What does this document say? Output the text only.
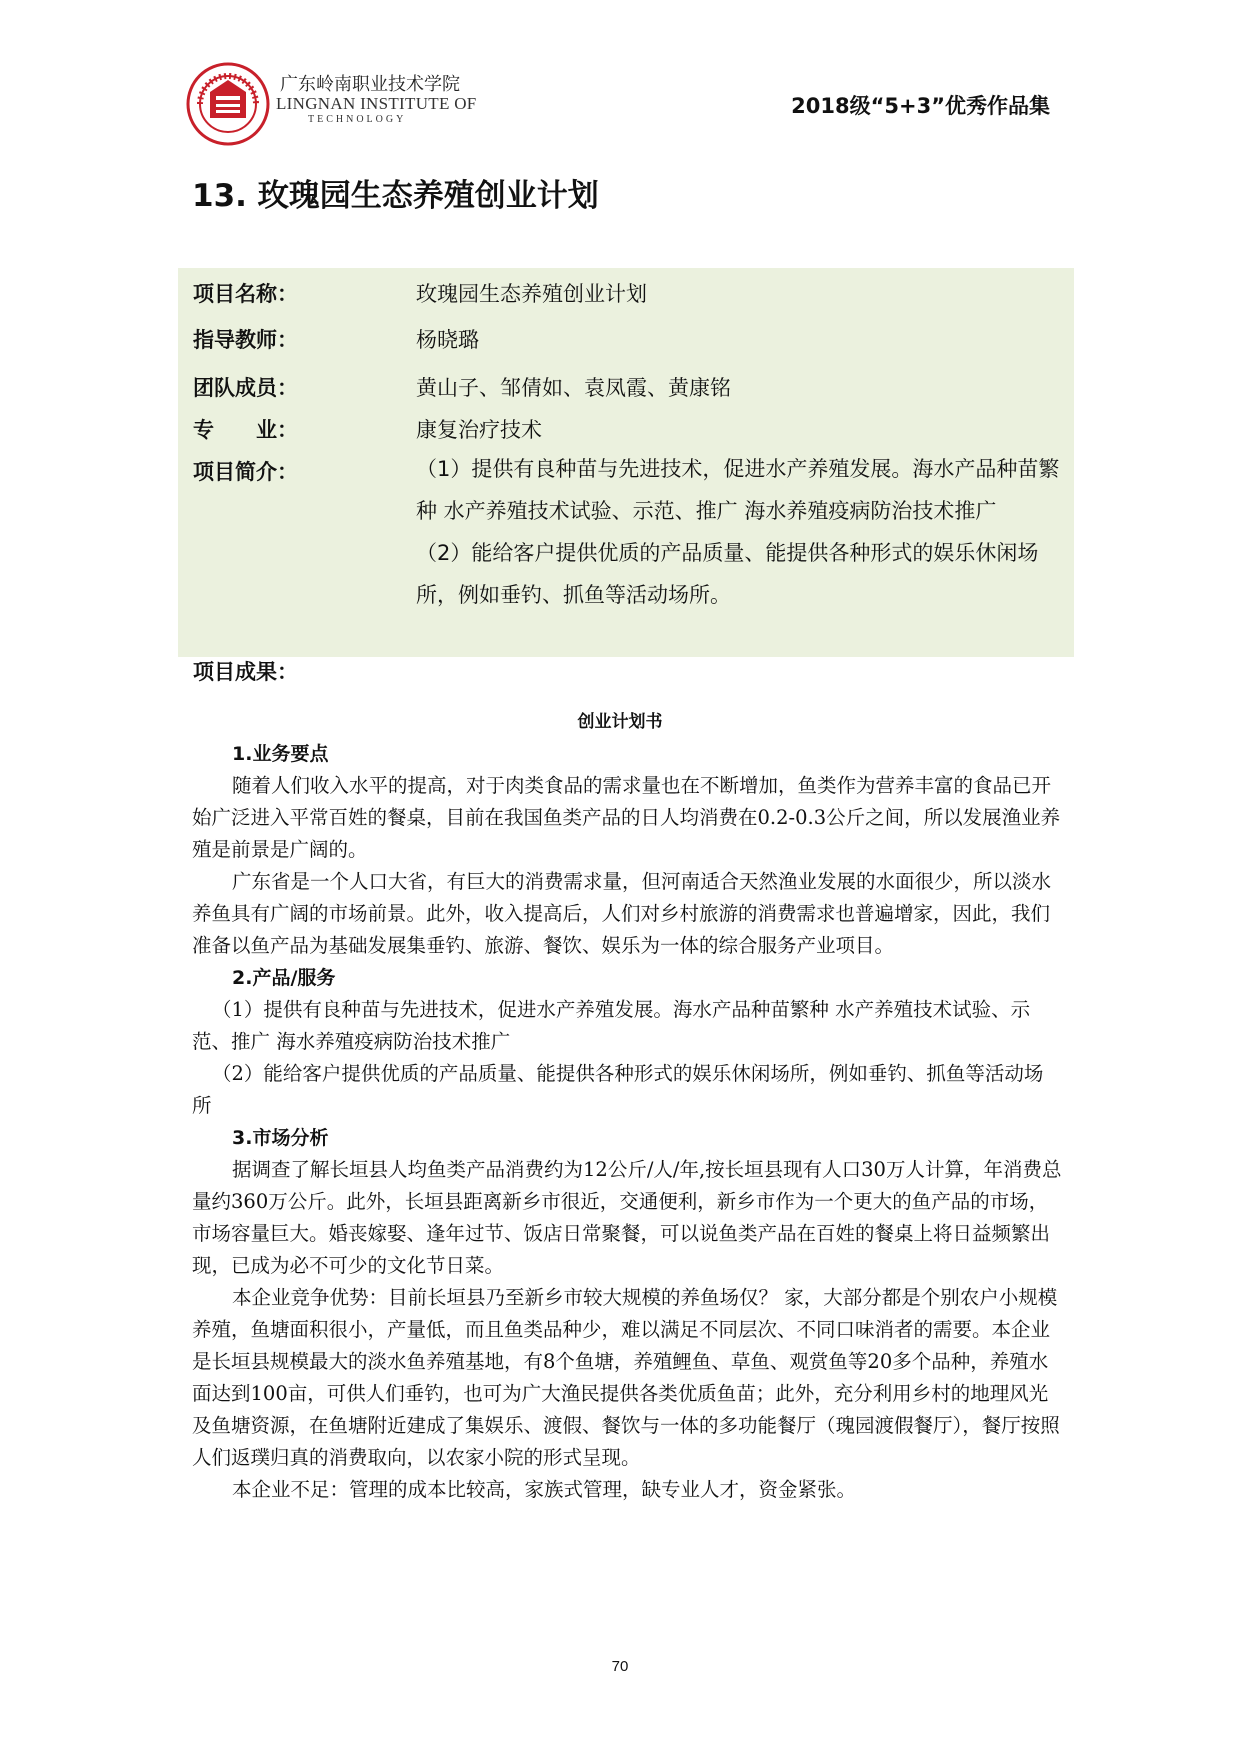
广东岭南职业技术学院
LINGNAN INSTITUTE OF
TECHNOLOGY
2018级“5+3”优秀作品集
13. 玫瑰园生态养殖创业计划
项目名称：	玫瑰园生态养殖创业计划
指导教师：	杨晓璐
团队成员：	黄山子、邹倩如、袁凤霞、黄康铭
专　　业：	康复治疗技术
项目简介：	（1）提供有良种苗与先进技术，促进水产养殖发展。海水产品种苗繁种 水产养殖技术试验、示范、推广 海水养殖疫病防治技术推广

（2）能给客户提供优质的产品质量、能提供各种形式的娱乐休闲场所，例如垂钓、抓鱼等活动场所。

项目成果：
创业计划书

1.业务要点

随着人们收入水平的提高，对于肉类食品的需求量也在不断增加，鱼类作为营养丰富的食品已开始广泛进入平常百姓的餐桌，目前在我国鱼类产品的日人均消费在0.2-0.3公斤之间，所以发展渔业养殖是前景是广阔的。

广东省是一个人口大省，有巨大的消费需求量，但河南适合天然渔业发展的水面很少，所以淡水养鱼具有广阔的市场前景。此外，收入提高后，人们对乡村旅游的消费需求也普遍增家，因此，我们准备以鱼产品为基础发展集垂钓、旅游、餐饮、娱乐为一体的综合服务产业项目。

2.产品/服务

（1）提供有良种苗与先进技术，促进水产养殖发展。海水产品种苗繁种 水产养殖技术试验、示范、推广 海水养殖疫病防治技术推广

（2）能给客户提供优质的产品质量、能提供各种形式的娱乐休闲场所，例如垂钓、抓鱼等活动场所

3.市场分析

据调查了解长垣县人均鱼类产品消费约为12公斤/人/年,按长垣县现有人口30万人计算，年消费总量约360万公斤。此外，长垣县距离新乡市很近，交通便利，新乡市作为一个更大的鱼产品的市场，市场容量巨大。婚丧嫁娶、逢年过节、饭店日常聚餐，可以说鱼类产品在百姓的餐桌上将日益频繁出现，已成为必不可少的文化节日菜。

本企业竞争优势：目前长垣县乃至新乡市较大规模的养鱼场仅？ 家，大部分都是个别农户小规模养殖，鱼塘面积很小，产量低，而且鱼类品种少，难以满足不同层次、不同口味消者的需要。本企业是长垣县规模最大的淡水鱼养殖基地，有8个鱼塘，养殖鲤鱼、草鱼、观赏鱼等20多个品种，养殖水面达到100亩，可供人们垂钓，也可为广大渔民提供各类优质鱼苗；此外，充分利用乡村的地理风光及鱼塘资源，在鱼塘附近建成了集娱乐、渡假、餐饮与一体的多功能餐厅（瑰园渡假餐厅），餐厅按照人们返璞归真的消费取向，以农家小院的形式呈现。

本企业不足：管理的成本比较高，家族式管理，缺专业人才，资金紧张。

70
